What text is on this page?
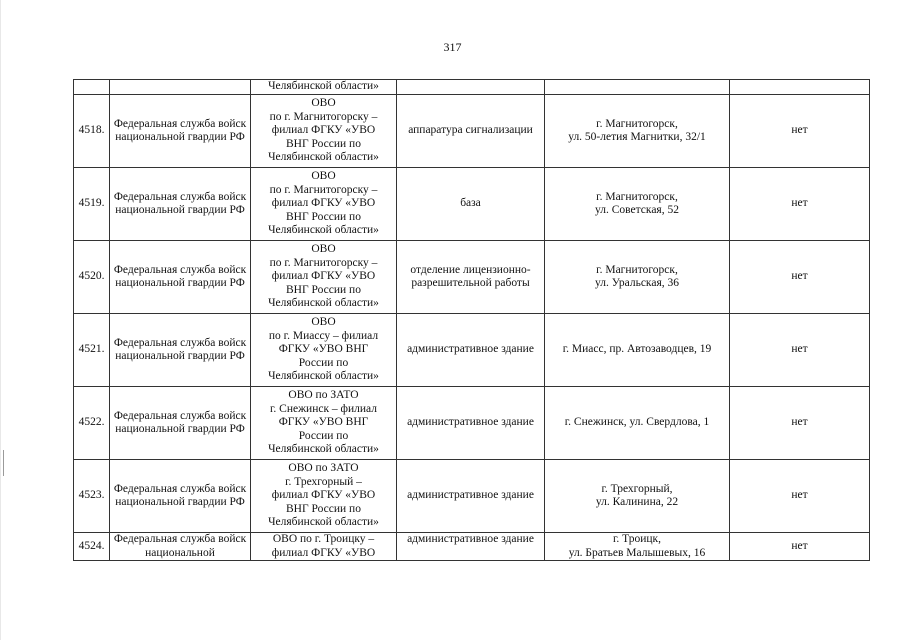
317
		Челябинской области»			
4518.	Федеральная служба войск национальной гвардии РФ	ОВО
по г. Магнитогорску –
филиал ФГКУ «УВО
ВНГ России по
Челябинской области»	аппаратура сигнализации	г. Магнитогорск,
ул. 50-летия Магнитки, 32/1	нет
4519.	Федеральная служба войск национальной гвардии РФ	ОВО
по г. Магнитогорску –
филиал ФГКУ «УВО
ВНГ России по
Челябинской области»	база	г. Магнитогорск,
ул. Советская, 52	нет
4520.	Федеральная служба войск национальной гвардии РФ	ОВО
по г. Магнитогорску –
филиал ФГКУ «УВО
ВНГ России по
Челябинской области»	отделение лицензионно-разрешительной работы	г. Магнитогорск,
ул. Уральская, 36	нет
4521.	Федеральная служба войск национальной гвардии РФ	ОВО
по г. Миассу – филиал
ФГКУ «УВО ВНГ
России по
Челябинской области»	административное здание	г. Миасс, пр. Автозаводцев, 19	нет
4522.	Федеральная служба войск национальной гвардии РФ	ОВО по ЗАТО
г. Снежинск – филиал
ФГКУ «УВО ВНГ
России по
Челябинской области»	административное здание	г. Снежинск, ул. Свердлова, 1	нет
4523.	Федеральная служба войск национальной гвардии РФ	ОВО по ЗАТО
г. Трехгорный –
филиал ФГКУ «УВО
ВНГ России по
Челябинской области»	административное здание	г. Трехгорный,
ул. Калинина, 22	нет
4524.	Федеральная служба войск национальной	ОВО по г. Троицку –
филиал ФГКУ «УВО	административное здание	г. Троицк,
ул. Братьев Малышевых, 16	нет
